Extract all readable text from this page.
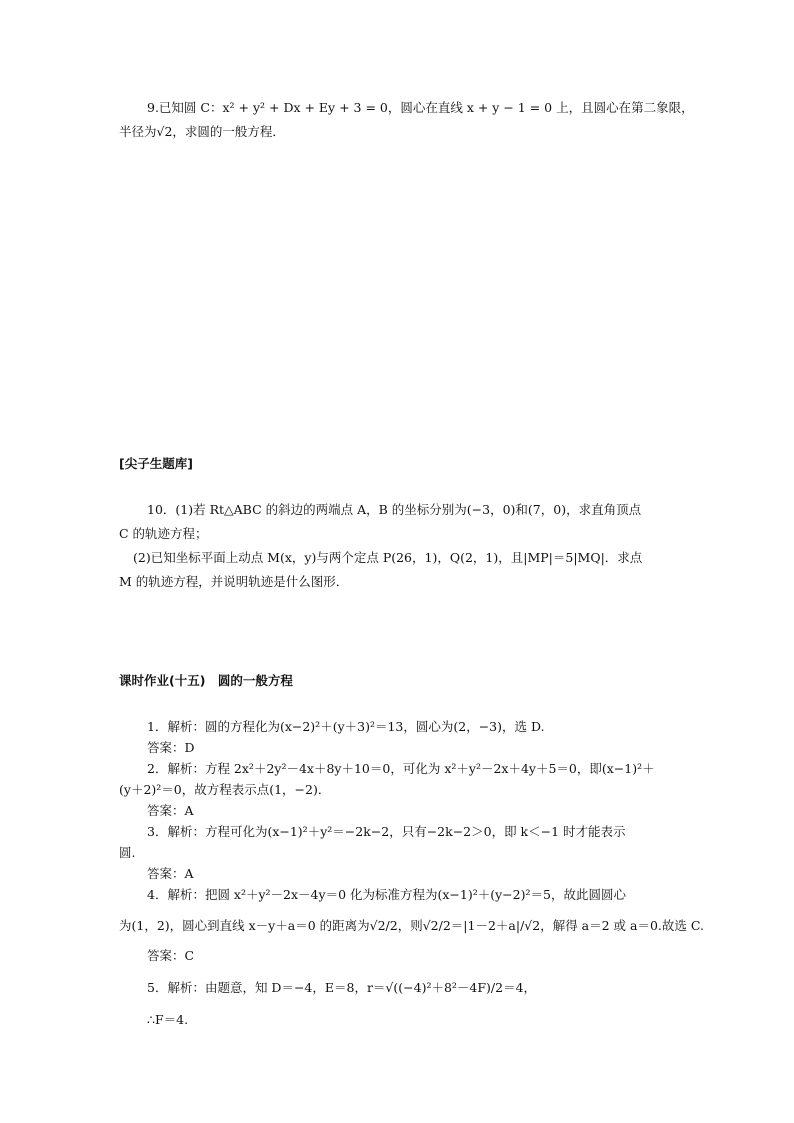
9.已知圆 C：x² + y² + Dx + Ey + 3 = 0，圆心在直线 x + y − 1 = 0 上，且圆心在第二象限，
半径为√2，求圆的一般方程．
[尖子生题库]
10．(1)若 Rt△ABC 的斜边的两端点 A，B 的坐标分别为(−3，0)和(7，0)，求直角顶点
C 的轨迹方程；
(2)已知坐标平面上动点 M(x，y)与两个定点 P(26，1)，Q(2，1)，且|MP|＝5|MQ|．求点
M 的轨迹方程，并说明轨迹是什么图形．
课时作业(十五)　圆的一般方程
1．解析：圆的方程化为(x−2)²＋(y＋3)²＝13，圆心为(2，−3)，选 D.
答案：D
2．解析：方程 2x²＋2y²－4x＋8y＋10＝0，可化为 x²＋y²－2x＋4y＋5＝0，即(x−1)²＋
(y＋2)²＝0，故方程表示点(1，−2)．
答案：A
3．解析：方程可化为(x−1)²＋y²＝−2k−2，只有−2k−2＞0，即 k＜−1 时才能表示
圆.
答案：A
4．解析：把圆 x²＋y²－2x－4y＝0 化为标准方程为(x−1)²＋(y−2)²＝5，故此圆圆心
为(1，2)，圆心到直线 x－y＋a＝0 的距离为√2/2，则√2/2＝|1－2＋a|/√2，解得 a＝2 或 a＝0.故选 C.
答案：C
5．解析：由题意，知 D＝−4，E＝8，r＝√((−4)²＋8²－4F)/2＝4，
∴F＝4.
